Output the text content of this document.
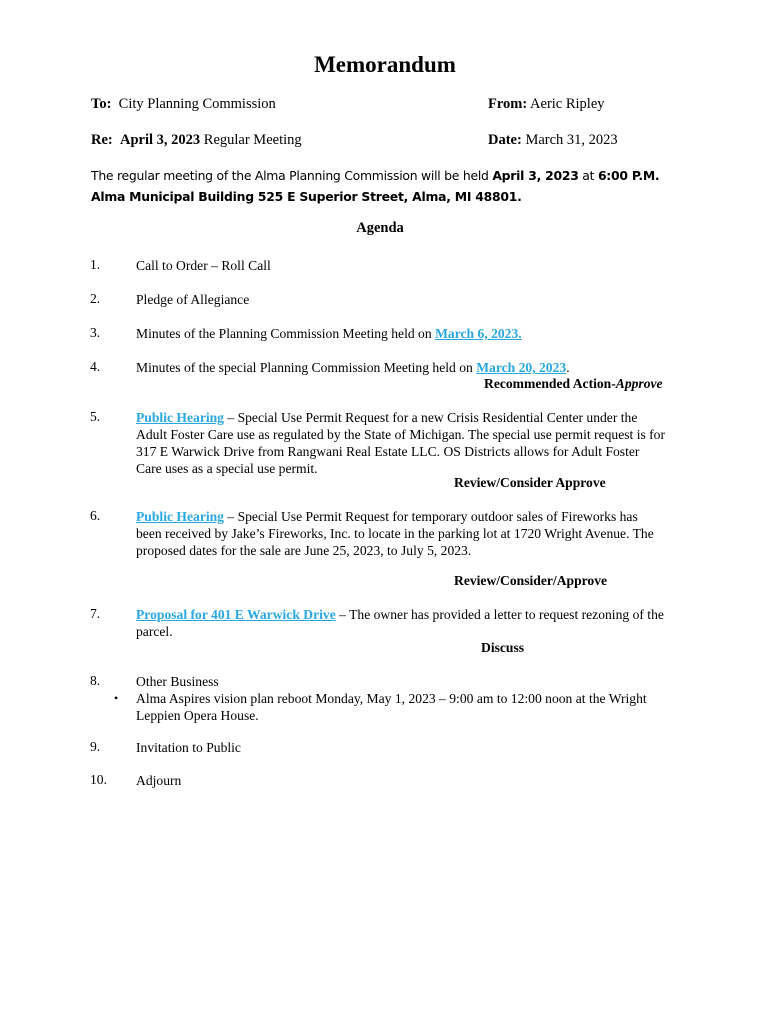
Memorandum
To: City Planning Commission	From: Aeric Ripley
Re: April 3, 2023 Regular Meeting	Date: March 31, 2023
The regular meeting of the Alma Planning Commission will be held April 3, 2023 at 6:00 P.M.
Alma Municipal Building 525 E Superior Street, Alma, MI 48801.
Agenda
1.	Call to Order – Roll Call
2.	Pledge of Allegiance
3.	Minutes of the Planning Commission Meeting held on March 6, 2023.
4.	Minutes of the special Planning Commission Meeting held on March 20, 2023.
Recommended Action-Approve
5.	Public Hearing – Special Use Permit Request for a new Crisis Residential Center under the Adult Foster Care use as regulated by the State of Michigan. The special use permit request is for 317 E Warwick Drive from Rangwani Real Estate LLC. OS Districts allows for Adult Foster Care uses as a special use permit.
Review/Consider Approve
6.	Public Hearing – Special Use Permit Request for temporary outdoor sales of Fireworks has been received by Jake’s Fireworks, Inc. to locate in the parking lot at 1720 Wright Avenue. The proposed dates for the sale are June 25, 2023, to July 5, 2023.
Review/Consider/Approve
7.	Proposal for 401 E Warwick Drive – The owner has provided a letter to request rezoning of the parcel.
Discuss
8.	Other Business
• Alma Aspires vision plan reboot Monday, May 1, 2023 – 9:00 am to 12:00 noon at the Wright Leppien Opera House.
9.	Invitation to Public
10. Adjourn
